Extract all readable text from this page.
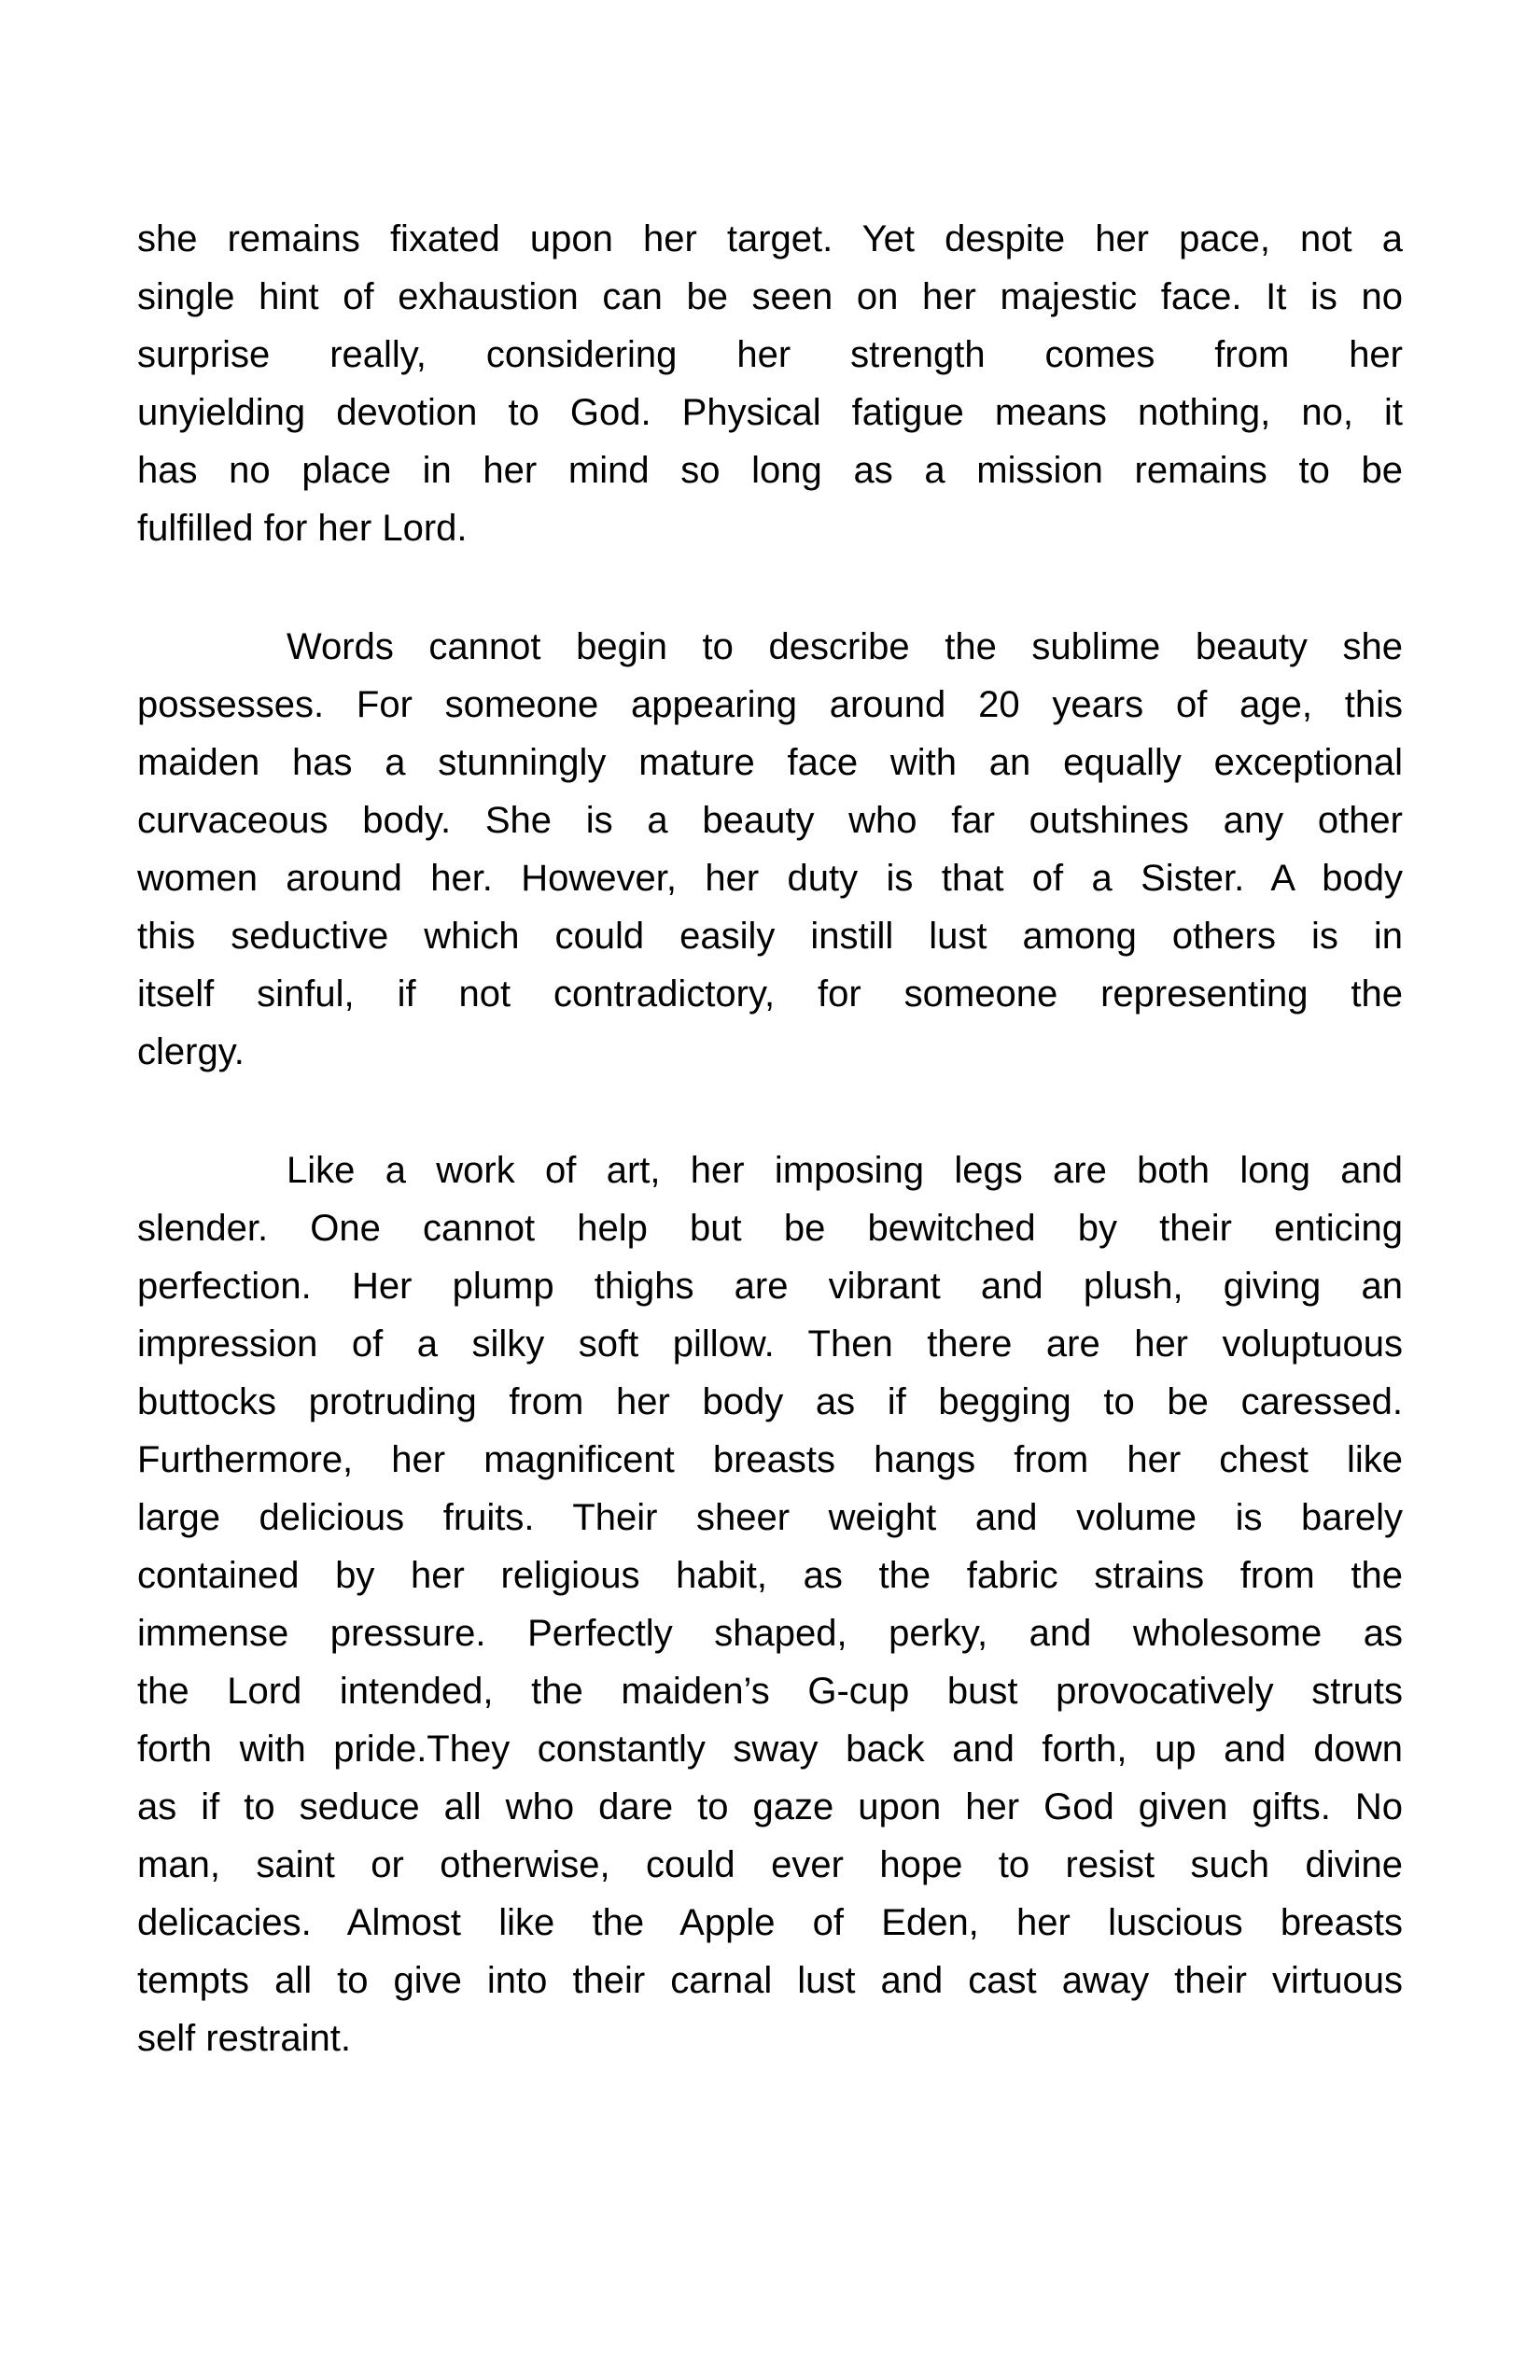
she remains fixated upon her target. Yet despite her pace, not a
single hint of exhaustion can be seen on her majestic face. It is no
surprise really, considering her strength comes from her
unyielding devotion to God. Physical fatigue means nothing, no, it
has no place in her mind so long as a mission remains to be
fulfilled for her Lord.
Words cannot begin to describe the sublime beauty she
possesses. For someone appearing around 20 years of age, this
maiden has a stunningly mature face with an equally exceptional
curvaceous body. She is a beauty who far outshines any other
women around her. However, her duty is that of a Sister. A body
this seductive which could easily instill lust among others is in
itself sinful, if not contradictory, for someone representing the
clergy.
Like a work of art, her imposing legs are both long and
slender. One cannot help but be bewitched by their enticing
perfection. Her plump thighs are vibrant and plush, giving an
impression of a silky soft pillow. Then there are her voluptuous
buttocks protruding from her body as if begging to be caressed.
Furthermore, her magnificent breasts hangs from her chest like
large delicious fruits. Their sheer weight and volume is barely
contained by her religious habit, as the fabric strains from the
immense pressure. Perfectly shaped, perky, and wholesome as
the Lord intended, the maiden’s G-cup bust provocatively struts
forth with pride.They constantly sway back and forth, up and down
as if to seduce all who dare to gaze upon her God given gifts. No
man, saint or otherwise, could ever hope to resist such divine
delicacies. Almost like the Apple of Eden, her luscious breasts
tempts all to give into their carnal lust and cast away their virtuous
self restraint.
